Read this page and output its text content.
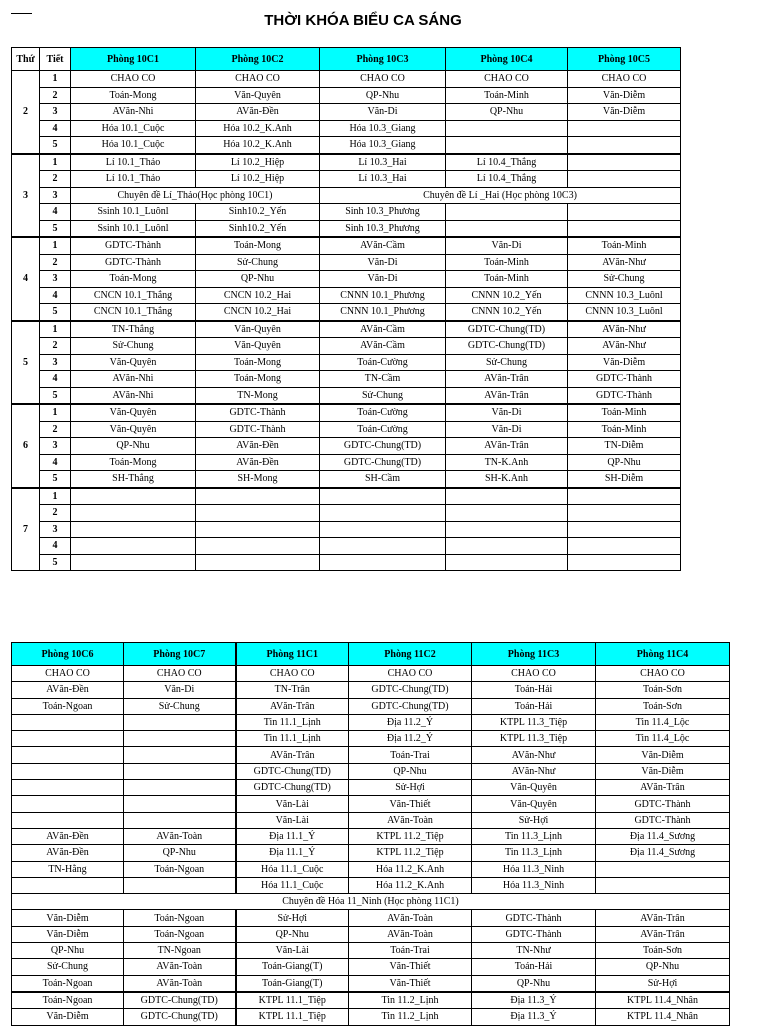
THỜI KHÓA BIỂU CA SÁNG
Thứ	Tiết	Phòng 10C1	Phòng 10C2	Phòng 10C3	Phòng 10C4	Phòng 10C5
2	1	CHAO CO	CHAO CO	CHAO CO	CHAO CO	CHAO CO
	2	Toán-Mong	Văn-Quyên	QP-Nhu	Toán-Minh	Văn-Diễm
	3	AVăn-Nhi	AVăn-Đền	Văn-Di	QP-Nhu	Văn-Diễm
	4	Hóa 10.1_Cuộc	Hóa 10.2_K.Anh	Hóa 10.3_Giang		
	5	Hóa 10.1_Cuộc	Hóa 10.2_K.Anh	Hóa 10.3_Giang		
3	1	Lí 10.1_Thảo	Lí 10.2_Hiệp	Lí 10.3_Hai	Lí 10.4_Thắng	
	2	Lí 10.1_Thảo	Lí 10.2_Hiệp	Lí 10.3_Hai	Lí 10.4_Thắng	
	3	Chuyên đề Lí_Thảo(Học phòng 10C1)		Chuyên đề Lí _Hai (Học phòng 10C3)		
	4	Ssinh 10.1_Luônl	Sinh10.2_Yến	Sinh 10.3_Phương		
	5	Ssinh 10.1_Luônl	Sinh10.2_Yến	Sinh 10.3_Phương		
4	1	GDTC-Thành	Toán-Mong	AVăn-Cầm	Văn-Di	Toán-Minh
	2	GDTC-Thành	Sử-Chung	Văn-Di	Toán-Minh	AVăn-Như
	3	Toán-Mong	QP-Nhu	Văn-Di	Toán-Minh	Sử-Chung
	4	CNCN 10.1_Thắng	CNCN 10.2_Hai	CNNN 10.1_Phương	CNNN 10.2_Yến	CNNN 10.3_Luônl
	5	CNCN 10.1_Thắng	CNCN 10.2_Hai	CNNN 10.1_Phương	CNNN 10.2_Yến	CNNN 10.3_Luônl
5	1	TN-Thắng	Văn-Quyên	AVăn-Cầm	GDTC-Chung(TD)	AVăn-Như
	2	Sử-Chung	Văn-Quyên	AVăn-Cầm	GDTC-Chung(TD)	AVăn-Như
	3	Văn-Quyên	Toán-Mong	Toán-Cường	Sử-Chung	Văn-Diễm
	4	AVăn-Nhi	Toán-Mong	TN-Cầm	AVăn-Trân	GDTC-Thành
	5	AVăn-Nhi	TN-Mong	Sử-Chung	AVăn-Trân	GDTC-Thành
6	1	Văn-Quyên	GDTC-Thành	Toán-Cường	Văn-Di	Toán-Minh
	2	Văn-Quyên	GDTC-Thành	Toán-Cường	Văn-Di	Toán-Minh
	3	QP-Nhu	AVăn-Đền	GDTC-Chung(TD)	AVăn-Trân	TN-Diễm
	4	Toán-Mong	AVăn-Đền	GDTC-Chung(TD)	TN-K.Anh	QP-Nhu
	5	SH-Thắng	SH-Mong	SH-Cầm	SH-K.Anh	SH-Diễm
7	1					
	2					
	3					
	4					
	5					
Phòng 10C6	Phòng 10C7	Phòng 11C1	Phòng 11C2	Phòng 11C3	Phòng 11C4
CHAO CO	CHAO CO	CHAO CO	CHAO CO	CHAO CO	CHAO CO
AVăn-Đền	Văn-Di	TN-Trân	GDTC-Chung(TD)	Toán-Hải	Toán-Sơn
Toán-Ngoan	Sử-Chung	AVăn-Trân	GDTC-Chung(TD)	Toán-Hải	Toán-Sơn
		Tin 11.1_Lịnh	Địa 11.2_Ý	KTPL 11.3_Tiệp	Tin 11.4_Lộc
		Tin 11.1_Lịnh	Địa 11.2_Ý	KTPL 11.3_Tiệp	Tin 11.4_Lộc
		AVăn-Trân	Toán-Trai	AVăn-Như	Văn-Diễm
		GDTC-Chung(TD)	QP-Nhu	AVăn-Như	Văn-Diễm
		GDTC-Chung(TD)	Sử-Hợi	Văn-Quyên	AVăn-Trân
		Văn-Lài	Văn-Thiết	Văn-Quyên	GDTC-Thành
		Văn-Lài	AVăn-Toàn	Sử-Hợi	GDTC-Thành
AVăn-Đền	AVăn-Toàn	Địa 11.1_Ý	KTPL 11.2_Tiệp	Tin 11.3_Lịnh	Địa 11.4_Sương
AVăn-Đền	QP-Nhu	Địa 11.1_Ý	KTPL 11.2_Tiệp	Tin 11.3_Lịnh	Địa 11.4_Sương
TN-Hằng	Toán-Ngoan	Hóa 11.1_Cuộc	Hóa 11.2_K.Anh	Hóa 11.3_Ninh	
		Hóa 11.1_Cuộc	Hóa 11.2_K.Anh	Hóa 11.3_Ninh	
Chuyên đề Hóa 11_Ninh (Học phòng 11C1)					
Văn-Diễm	Toán-Ngoan	Sử-Hợi	AVăn-Toàn	GDTC-Thành	AVăn-Trân
Văn-Diễm	Toán-Ngoan	QP-Nhu	AVăn-Toàn	GDTC-Thành	AVăn-Trân
QP-Nhu	TN-Ngoan	Văn-Lài	Toán-Trai	TN-Như	Toán-Sơn
Sử-Chung	AVăn-Toàn	Toán-Giang(T)	Văn-Thiết	Toán-Hải	QP-Nhu
Toán-Ngoan	AVăn-Toàn	Toán-Giang(T)	Văn-Thiết	QP-Nhu	Sử-Hợi
Toán-Ngoan	GDTC-Chung(TD)	KTPL 11.1_Tiệp	Tin 11.2_Lịnh	Địa 11.3_Ý	KTPL 11.4_Nhân
Văn-Diễm	GDTC-Chung(TD)	KTPL 11.1_Tiệp	Tin 11.2_Lịnh	Địa 11.3_Ý	KTPL 11.4_Nhân
